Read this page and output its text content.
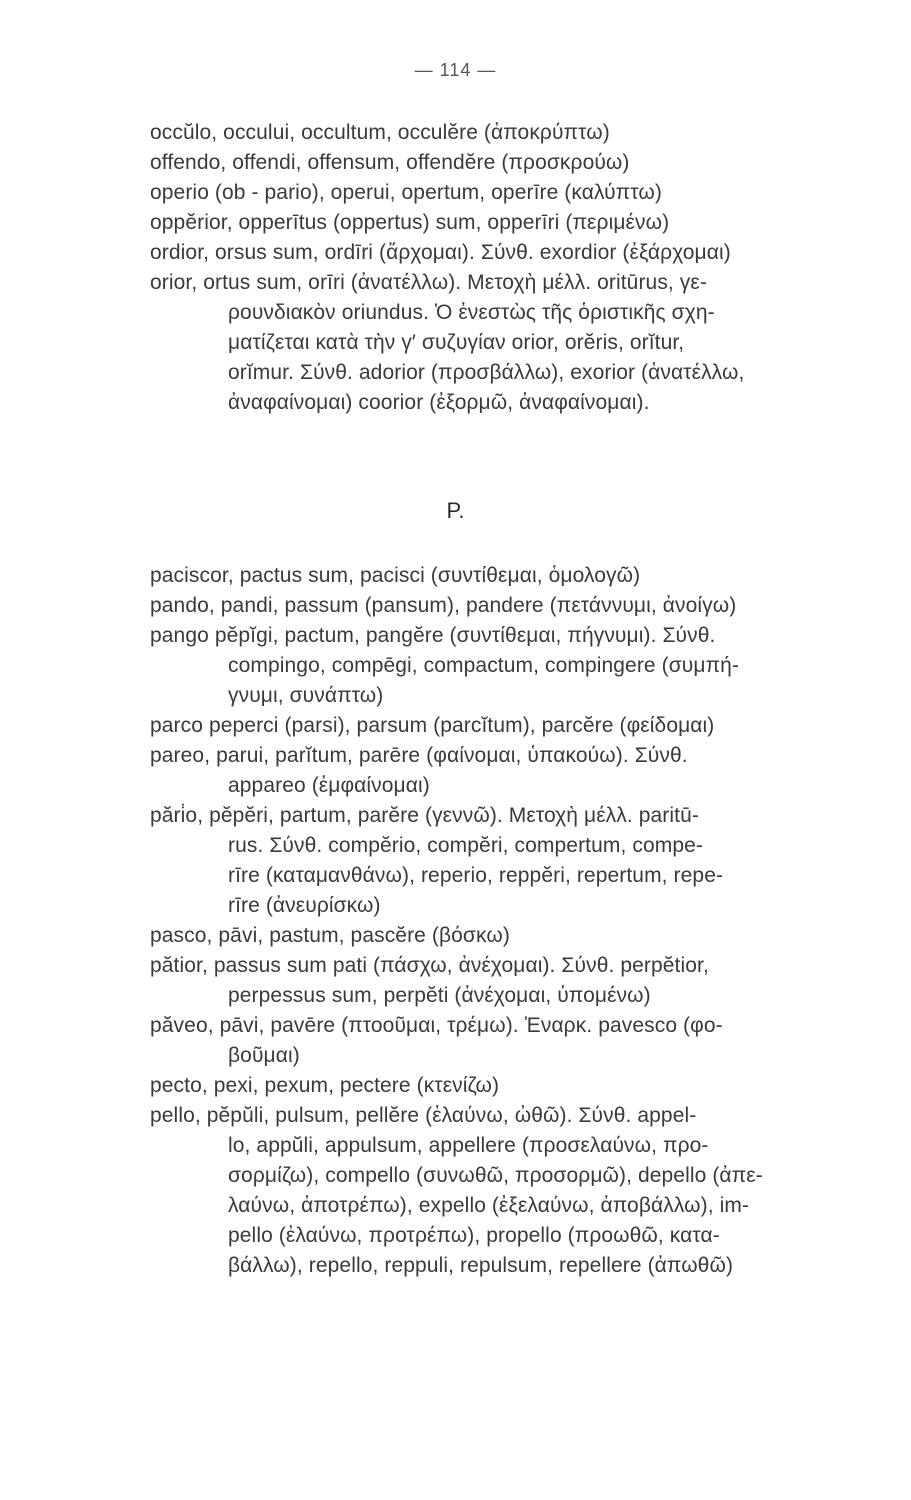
— 114 —
occŭlo, occului, occultum, occulĕre (ἀποκρύπτω)
offendo, offendi, offensum, offendĕre (προσκρούω)
operio (ob - pario), operui, opertum, operīre (καλύπτω)
oppĕrior, opperītus (oppertus) sum, opperīri (περιμένω)
ordior, orsus sum, ordīri (ἄρχομαι). Σύνθ. exordior (ἐξάρχομαι)
orior, ortus sum, orīri (ἀνατέλλω). Μετοχὴ μέλλ. oritūrus, γε-
ρουνδιακὸν oriundus. Ὁ ἐνεστὼς τῆς ὁριστικῆς σχη-
ματίζεται κατὰ τὴν γ′ συζυγίαν orior, orĕris, orĭtur,
orĭmur. Σύνθ. adorior (προσβάλλω), exorior (ἀνατέλλω,
ἀναφαίνομαι) coorior (ἐξορμῶ, ἀναφαίνομαι).
P.
paciscor, pactus sum, pacisci (συντίθεμαι, ὁμολογῶ)
pando, pandi, passum (pansum), pandere (πετάννυμι, ἀνοίγω)
pango pĕpĭgi, pactum, pangĕre (συντίθεμαι, πήγνυμι). Σύνθ.
compingo, compēgi, compactum, compingere (συμπή-
γνυμι, συνάπτω)
parco peperci (parsi), parsum (parcĭtum), parcĕre (φείδομαι)
pareo, parui, parĭtum, parēre (φαίνομαι, ὑπακούω). Σύνθ.
appareo (ἐμφαίνομαι)
pări̇o, pĕpĕri, partum, parĕre (γεννῶ). Μετοχὴ μέλλ. paritū-
rus. Σύνθ. compĕrio, compĕri, compertum, compe-
rīre (καταμανθάνω), reperio, reppĕri, repertum, repe-
rīre (ἀνευρίσκω)
pasco, pāvi, pastum, pascĕre (βόσκω)
pătior, passus sum pati (πάσχω, ἀνέχομαι). Σύνθ. perpĕtior,
perpessus sum, perpĕti (ἀνέχομαι, ὑπομένω)
păveo, pāvi, pavēre (πτοοῦμαι, τρέμω). Ἐναρκ. pavesco (φο-
βοῦμαι)
pecto, pexi, pexum, pectere (κτενίζω)
pello, pĕpŭli, pulsum, pellĕre (ἐλαύνω, ὠθῶ). Σύνθ. appel-
lo, appŭli, appulsum, appellere (προσελαύνω, προ-
σορμίζω), compello (συνωθῶ, προσορμῶ), depello (ἀπε-
λαύνω, ἀποτρέπω), expello (ἐξελαύνω, ἀποβάλλω), im-
pello (ἐλαύνω, προτρέπω), propello (προωθῶ, κατα-
βάλλω), repello, reppuli, repulsum, repellere (ἀπωθῶ)
